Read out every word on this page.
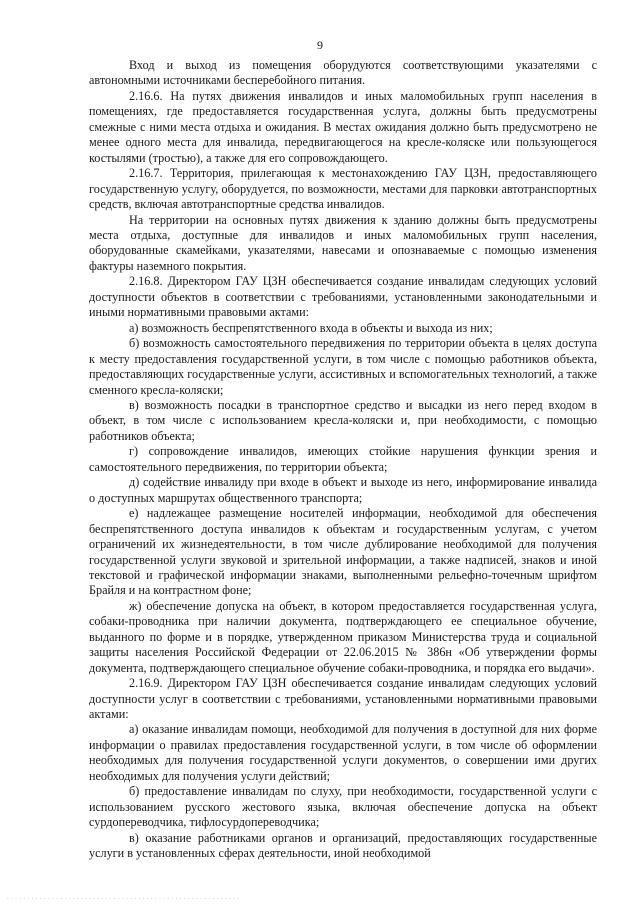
9

Вход и выход из помещения оборудуются соответствующими указателями с автономными источниками бесперебойного питания.

2.16.6. На путях движения инвалидов и иных маломобильных групп населения в помещениях, где предоставляется государственная услуга, должны быть предусмотрены смежные с ними места отдыха и ожидания. В местах ожидания должно быть предусмотрено не менее одного места для инвалида, передвигающегося на кресле-коляске или пользующегося костылями (тростью), а также для его сопровождающего.

2.16.7. Территория, прилегающая к местонахождению ГАУ ЦЗН, предоставляющего государственную услугу, оборудуется, по возможности, местами для парковки автотранспортных средств, включая автотранспортные средства инвалидов.

На территории на основных путях движения к зданию должны быть предусмотрены места отдыха, доступные для инвалидов и иных маломобильных групп населения, оборудованные скамейками, указателями, навесами и опознаваемые с помощью изменения фактуры наземного покрытия.

2.16.8. Директором ГАУ ЦЗН обеспечивается создание инвалидам следующих условий доступности объектов в соответствии с требованиями, установленными законодательными и иными нормативными правовыми актами:

а) возможность беспрепятственного входа в объекты и выхода из них;

б) возможность самостоятельного передвижения по территории объекта в целях доступа к месту предоставления государственной услуги, в том числе с помощью работников объекта, предоставляющих государственные услуги, ассистивных и вспомогательных технологий, а также сменного кресла-коляски;

в) возможность посадки в транспортное средство и высадки из него перед входом в объект, в том числе с использованием кресла-коляски и, при необходимости, с помощью работников объекта;

г) сопровождение инвалидов, имеющих стойкие нарушения функции зрения и самостоятельного передвижения, по территории объекта;

д) содействие инвалиду при входе в объект и выходе из него, информирование инвалида о доступных маршрутах общественного транспорта;

е) надлежащее размещение носителей информации, необходимой для обеспечения беспрепятственного доступа инвалидов к объектам и государственным услугам, с учетом ограничений их жизнедеятельности, в том числе дублирование необходимой для получения государственной услуги звуковой и зрительной информации, а также надписей, знаков и иной текстовой и графической информации знаками, выполненными рельефно-точечным шрифтом Брайля и на контрастном фоне;

ж) обеспечение допуска на объект, в котором предоставляется государственная услуга, собаки-проводника при наличии документа, подтверждающего ее специальное обучение, выданного по форме и в порядке, утвержденном приказом Министерства труда и социальной защиты населения Российской Федерации от 22.06.2015 № 386н «Об утверждении формы документа, подтверждающего специальное обучение собаки-проводника, и порядка его выдачи».

2.16.9. Директором ГАУ ЦЗН обеспечивается создание инвалидам следующих условий доступности услуг в соответствии с требованиями, установленными нормативными правовыми актами:

а) оказание инвалидам помощи, необходимой для получения в доступной для них форме информации о правилах предоставления государственной услуги, в том числе об оформлении необходимых для получения государственной услуги документов, о совершении ими других необходимых для получения услуги действий;

б) предоставление инвалидам по слуху, при необходимости, государственной услуги с использованием русского жестового языка, включая обеспечение допуска на объект сурдопереводчика, тифлосурдопереводчика;

в) оказание работниками органов и организаций, предоставляющих государственные услуги в установленных сферах деятельности, иной необходимой

.........................................................
